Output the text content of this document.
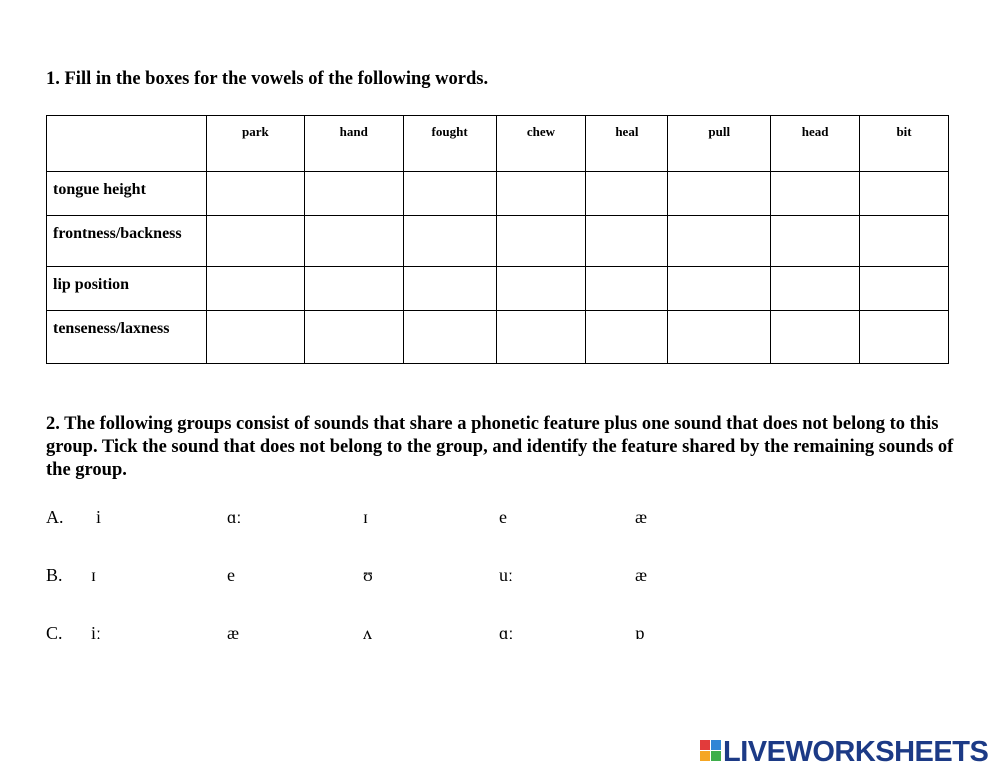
1. Fill in the boxes for the vowels of the following words.
	park	hand	fought	chew	heal	pull	head	bit
tongue height								
frontness/backness								
lip position								
tenseness/laxness								
2. The following groups consist of sounds that share a phonetic feature plus one sound that does not belong to this group. Tick the sound that does not belong to the group, and identify the feature shared by the remaining sounds of the group.
A. i	ɑː	ɪ	e	æ
B. ɪ	e	ʊ	uː	æ
C. iː	æ	ʌ	ɑː	ɒ
LIVEWORKSHEETS
